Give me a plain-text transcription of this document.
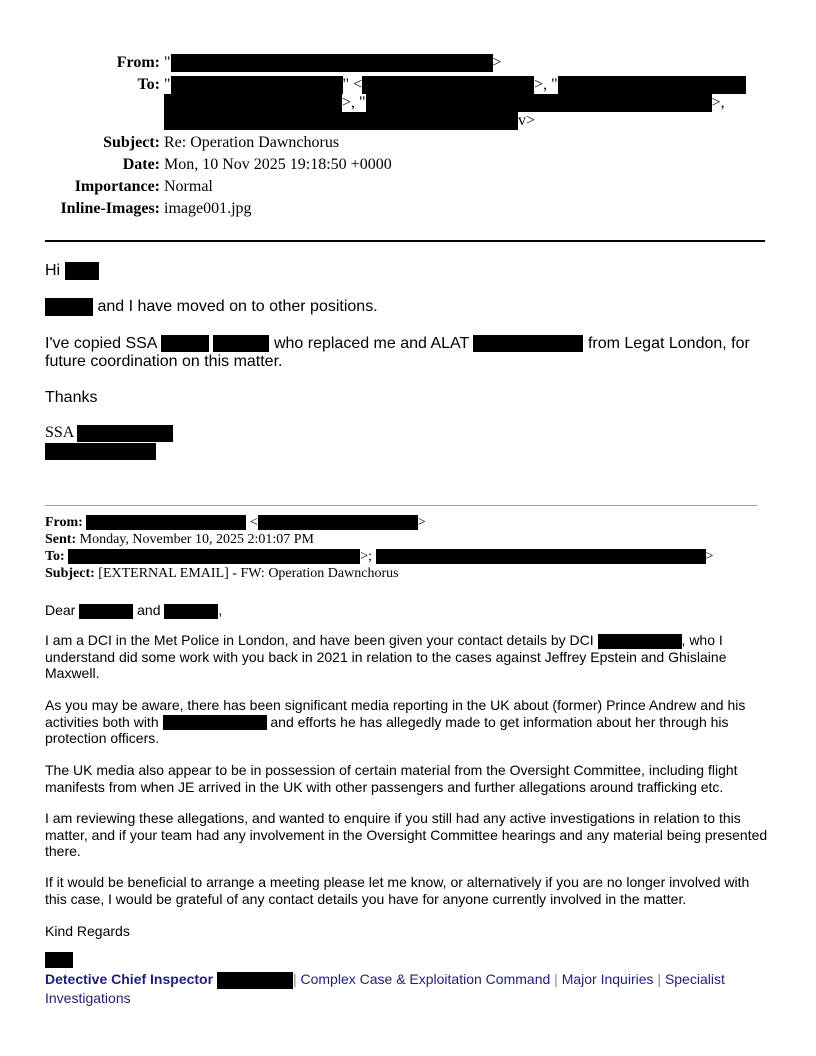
From: "	>
To: "	" <	>, "
>, "	>,
v>
Subject: Re: Operation Dawnchorus
Date: Mon, 10 Nov 2025 19:18:50 +0000
Importance: Normal
Inline-Images: image001.jpg
Hi
and I have moved on to other positions.
I've copied SSA	who replaced me and ALAT	from Legat London, for future coordination on this matter.
Thanks
SSA
From:	<	>
Sent: Monday, November 10, 2025 2:01:07 PM
To:	>;	>
Subject: [EXTERNAL EMAIL] - FW: Operation Dawnchorus
Dear	and	,
I am a DCI in the Met Police in London, and have been given your contact details by DCI	, who I understand did some work with you back in 2021 in relation to the cases against Jeffrey Epstein and Ghislaine Maxwell.
As you may be aware, there has been significant media reporting in the UK about (former) Prince Andrew and his activities both with	and efforts he has allegedly made to get information about her through his protection officers.
The UK media also appear to be in possession of certain material from the Oversight Committee, including flight manifests from when JE arrived in the UK with other passengers and further allegations around trafficking etc.
I am reviewing these allegations, and wanted to enquire if you still had any active investigations in relation to this matter, and if your team had any involvement in the Oversight Committee hearings and any material being presented there.
If it would be beneficial to arrange a meeting please let me know, or alternatively if you are no longer involved with this case, I would be grateful of any contact details you have for anyone currently involved in the matter.
Kind Regards
Detective Chief Inspector	| Complex Case & Exploitation Command | Major Inquiries | Specialist Investigations
